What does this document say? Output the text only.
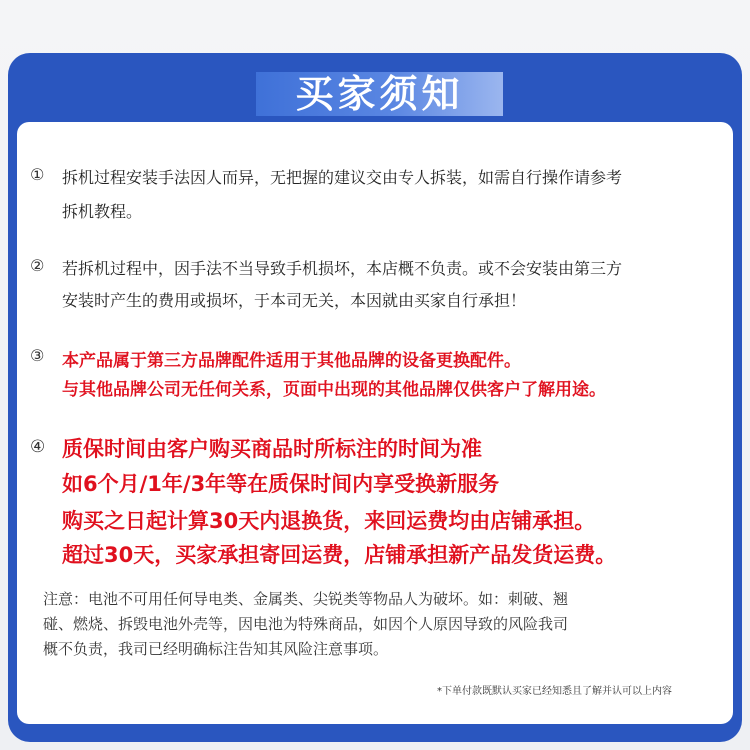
买家须知
① 拆机过程安装手法因人而异，无把握的建议交由专人拆装，如需自行操作请参考
拆机教程。
② 若拆机过程中，因手法不当导致手机损坏，本店概不负责。或不会安装由第三方
安装时产生的费用或损坏，于本司无关，本因就由买家自行承担！
③ 本产品属于第三方品牌配件适用于其他品牌的设备更换配件。
与其他品牌公司无任何关系，页面中出现的其他品牌仅供客户了解用途。
④ 质保时间由客户购买商品时所标注的时间为准
如6个月/1年/3年等在质保时间内享受换新服务
购买之日起计算30天内退换货，来回运费均由店铺承担。
超过30天，买家承担寄回运费，店铺承担新产品发货运费。
注意：电池不可用任何导电类、金属类、尖锐类等物品人为破坏。如：刺破、翘
碰、燃烧、拆毁电池外壳等，因电池为特殊商品，如因个人原因导致的风险我司
概不负责，我司已经明确标注告知其风险注意事项。
*下单付款既默认买家已经知悉且了解并认可以上内容
